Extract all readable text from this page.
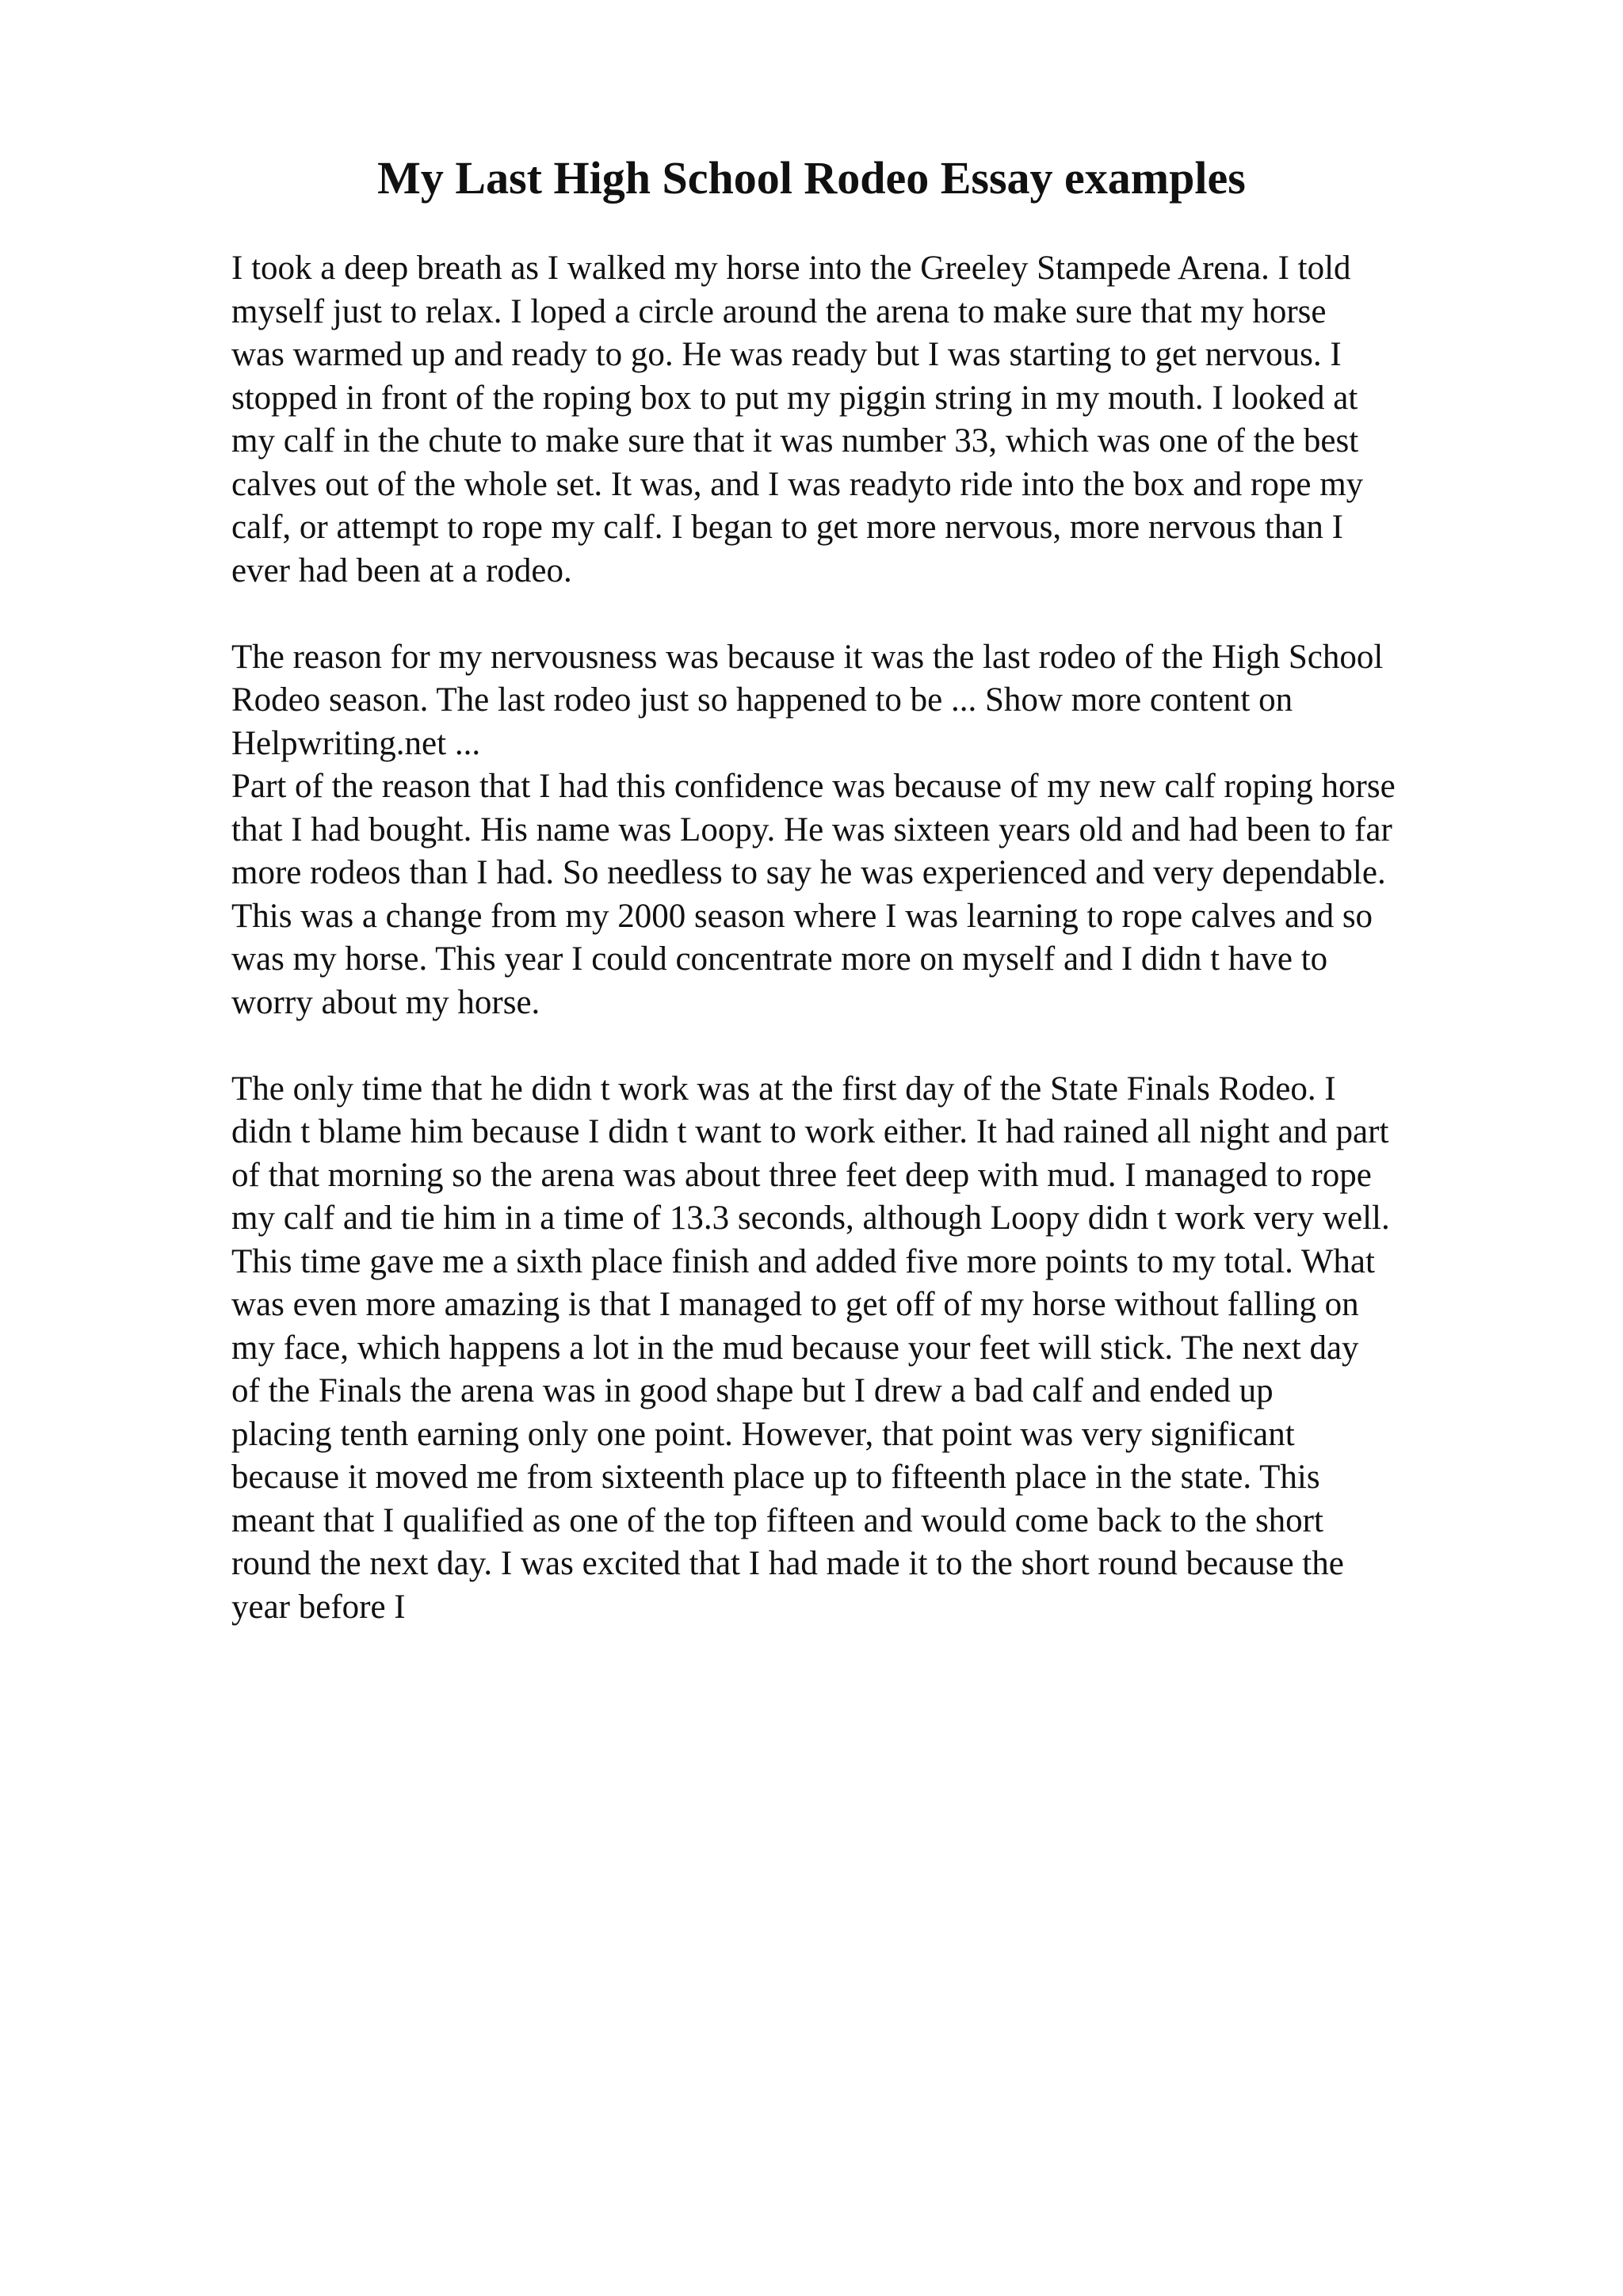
My Last High School Rodeo Essay examples
I took a deep breath as I walked my horse into the Greeley Stampede Arena. I told
myself just to relax. I loped a circle around the arena to make sure that my horse
was warmed up and ready to go. He was ready but I was starting to get nervous. I
stopped in front of the roping box to put my piggin string in my mouth. I looked at
my calf in the chute to make sure that it was number 33, which was one of the best
calves out of the whole set. It was, and I was readyto ride into the box and rope my
calf, or attempt to rope my calf. I began to get more nervous, more nervous than I
ever had been at a rodeo.
The reason for my nervousness was because it was the last rodeo of the High School
Rodeo season. The last rodeo just so happened to be ... Show more content on
Helpwriting.net ...
Part of the reason that I had this confidence was because of my new calf roping horse
that I had bought. His name was Loopy. He was sixteen years old and had been to far
more rodeos than I had. So needless to say he was experienced and very dependable.
This was a change from my 2000 season where I was learning to rope calves and so
was my horse. This year I could concentrate more on myself and I didn t have to
worry about my horse.
The only time that he didn t work was at the first day of the State Finals Rodeo. I
didn t blame him because I didn t want to work either. It had rained all night and part
of that morning so the arena was about three feet deep with mud. I managed to rope
my calf and tie him in a time of 13.3 seconds, although Loopy didn t work very well.
This time gave me a sixth place finish and added five more points to my total. What
was even more amazing is that I managed to get off of my horse without falling on
my face, which happens a lot in the mud because your feet will stick. The next day
of the Finals the arena was in good shape but I drew a bad calf and ended up
placing tenth earning only one point. However, that point was very significant
because it moved me from sixteenth place up to fifteenth place in the state. This
meant that I qualified as one of the top fifteen and would come back to the short
round the next day. I was excited that I had made it to the short round because the
year before I
